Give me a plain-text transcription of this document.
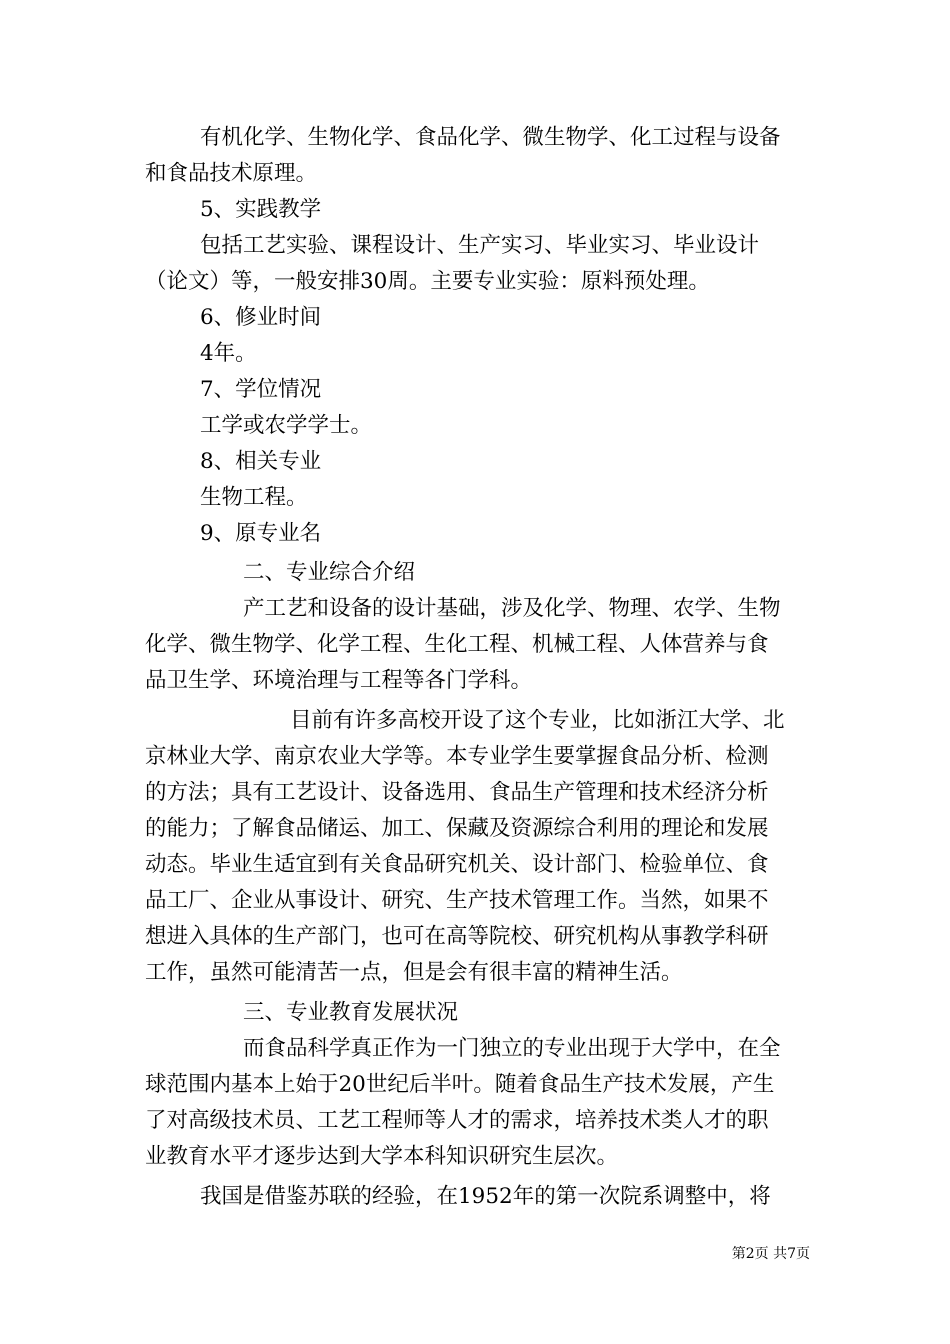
有机化学、生物化学、食品化学、微生物学、化工过程与设备
和食品技术原理。
5、实践教学
包括工艺实验、课程设计、生产实习、毕业实习、毕业设计
（论文）等，一般安排30周。主要专业实验：原料预处理。
6、修业时间
4年。
7、学位情况
工学或农学学士。
8、相关专业
生物工程。
9、原专业名
二、专业综合介绍
产工艺和设备的设计基础，涉及化学、物理、农学、生物
化学、微生物学、化学工程、生化工程、机械工程、人体营养与食
品卫生学、环境治理与工程等各门学科。
目前有许多高校开设了这个专业，比如浙江大学、北
京林业大学、南京农业大学等。本专业学生要掌握食品分析、检测
的方法；具有工艺设计、设备选用、食品生产管理和技术经济分析
的能力；了解食品储运、加工、保藏及资源综合利用的理论和发展
动态。毕业生适宜到有关食品研究机关、设计部门、检验单位、食
品工厂、企业从事设计、研究、生产技术管理工作。当然，如果不
想进入具体的生产部门，也可在高等院校、研究机构从事教学科研
工作，虽然可能清苦一点，但是会有很丰富的精神生活。
三、专业教育发展状况
而食品科学真正作为一门独立的专业出现于大学中，在全
球范围内基本上始于20世纪后半叶。随着食品生产技术发展，产生
了对高级技术员、工艺工程师等人才的需求，培养技术类人才的职
业教育水平才逐步达到大学本科知识研究生层次。
我国是借鉴苏联的经验，在1952年的第一次院系调整中，将
第2页 共7页
